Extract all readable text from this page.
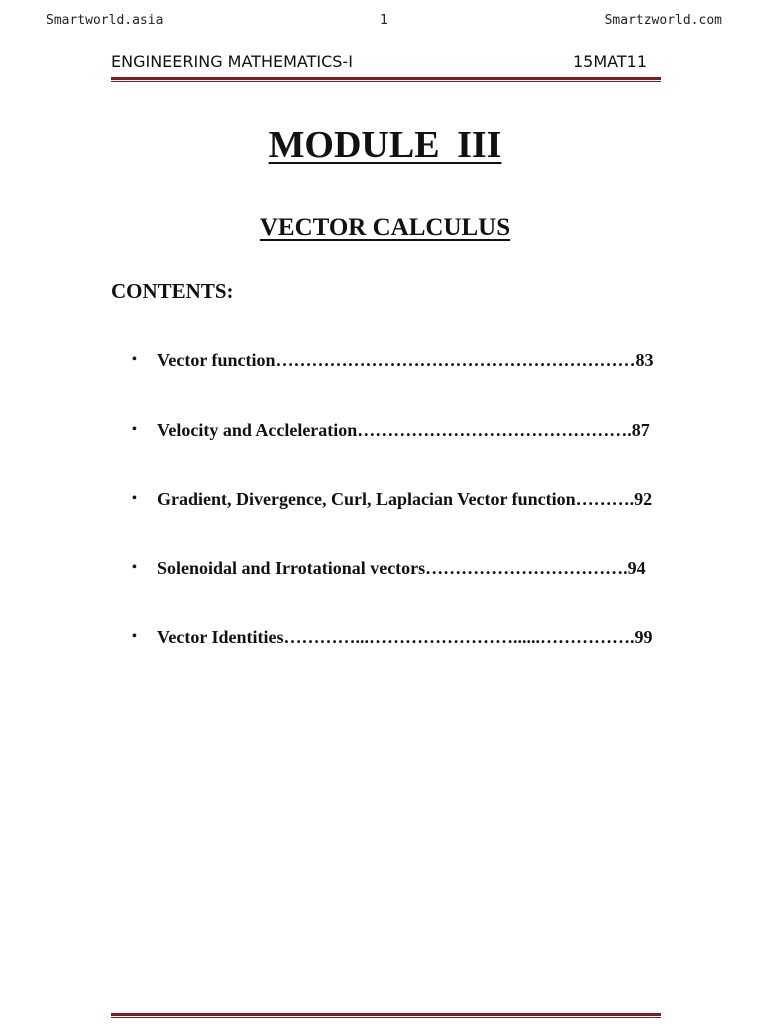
Smartworld.asia	1	Smartzworld.com
ENGINEERING MATHEMATICS-I	15MAT11
MODULE III
VECTOR CALCULUS
CONTENTS:
• Vector function……………………………………………………83
• Velocity and Accleleration……………………………………….87
• Gradient, Divergence, Curl, Laplacian Vector function……….92
• Solenoidal and Irrotational vectors…………………………….94
• Vector Identities…………...……………………......…………….99
